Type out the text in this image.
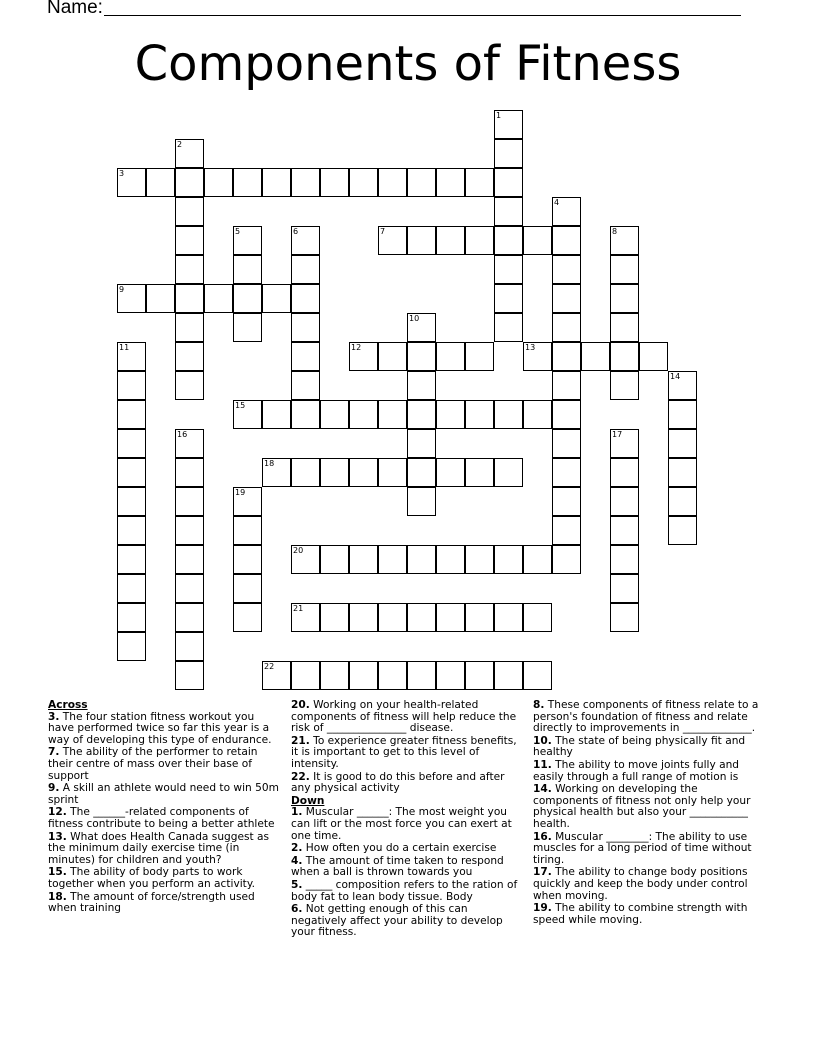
Name:
Components of Fitness
1
2
3
4
5	6	7	8
9
10
11	12	13
14
15
16	17
18
19
20
21
22
Across
3. The four station fitness workout you have performed twice so far this year is a way of developing this type of endurance.
7. The ability of the performer to retain their centre of mass over their base of support
9. A skill an athlete would need to win 50m sprint
12. The ______-related components of fitness contribute to being a better athlete
13. What does Health Canada suggest as the minimum daily exercise time (in minutes) for children and youth?
15. The ability of body parts to work together when you perform an activity.
18. The amount of force/strength used when training
20. Working on your health-related components of fitness will help reduce the risk of _______________ disease.
21. To experience greater fitness benefits, it is important to get to this level of intensity.
22. It is good to do this before and after any physical activity
Down
1. Muscular ______: The most weight you can lift or the most force you can exert at one time.
2. How often you do a certain exercise
4. The amount of time taken to respond when a ball is thrown towards you
5. _____ composition refers to the ration of body fat to lean body tissue. Body
6. Not getting enough of this can negatively affect your ability to develop your fitness.
8. These components of fitness relate to a person's foundation of fitness and relate directly to improvements in _____________.
10. The state of being physically fit and healthy
11. The ability to move joints fully and easily through a full range of motion is
14. Working on developing the components of fitness not only help your physical health but also your ___________ health.
16. Muscular ________: The ability to use muscles for a long period of time without tiring.
17. The ability to change body positions quickly and keep the body under control when moving.
19. The ability to combine strength with speed while moving.
